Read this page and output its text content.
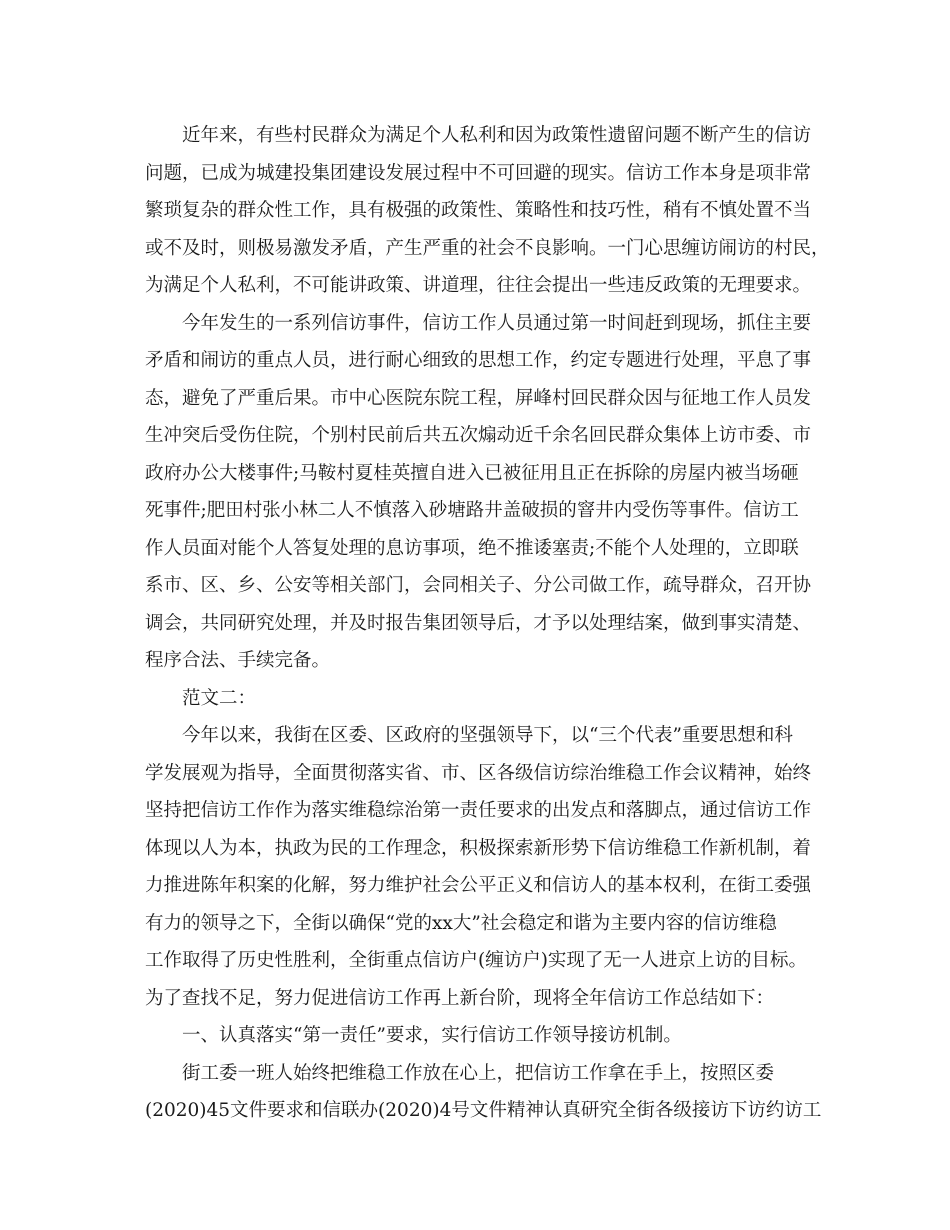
近年来，有些村民群众为满足个人私利和因为政策性遗留问题不断产生的信访
问题，已成为城建投集团建设发展过程中不可回避的现实。信访工作本身是项非常
繁琐复杂的群众性工作，具有极强的政策性、策略性和技巧性，稍有不慎处置不当
或不及时，则极易激发矛盾，产生严重的社会不良影响。一门心思缠访闹访的村民，
为满足个人私利，不可能讲政策、讲道理，往往会提出一些违反政策的无理要求。
今年发生的一系列信访事件，信访工作人员通过第一时间赶到现场，抓住主要
矛盾和闹访的重点人员，进行耐心细致的思想工作，约定专题进行处理，平息了事
态，避免了严重后果。市中心医院东院工程，屏峰村回民群众因与征地工作人员发
生冲突后受伤住院，个别村民前后共五次煽动近千余名回民群众集体上访市委、市
政府办公大楼事件;马鞍村夏桂英擅自进入已被征用且正在拆除的房屋内被当场砸
死事件;肥田村张小林二人不慎落入砂塘路井盖破损的窨井内受伤等事件。信访工
作人员面对能个人答复处理的息访事项，绝不推诿塞责;不能个人处理的，立即联
系市、区、乡、公安等相关部门，会同相关子、分公司做工作，疏导群众，召开协
调会，共同研究处理，并及时报告集团领导后，才予以处理结案，做到事实清楚、
程序合法、手续完备。
范文二：
今年以来，我街在区委、区政府的坚强领导下，以“三个代表”重要思想和科
学发展观为指导，全面贯彻落实省、市、区各级信访综治维稳工作会议精神，始终
坚持把信访工作作为落实维稳综治第一责任要求的出发点和落脚点，通过信访工作
体现以人为本，执政为民的工作理念，积极探索新形势下信访维稳工作新机制，着
力推进陈年积案的化解，努力维护社会公平正义和信访人的基本权利，在街工委强
有力的领导之下，全街以确保“党的xx大”社会稳定和谐为主要内容的信访维稳
工作取得了历史性胜利，全街重点信访户(缠访户)实现了无一人进京上访的目标。
为了查找不足，努力促进信访工作再上新台阶，现将全年信访工作总结如下：
一、认真落实“第一责任”要求，实行信访工作领导接访机制。
街工委一班人始终把维稳工作放在心上，把信访工作拿在手上，按照区委
(2020)45文件要求和信联办(2020)4号文件精神认真研究全街各级接访下访约访工
